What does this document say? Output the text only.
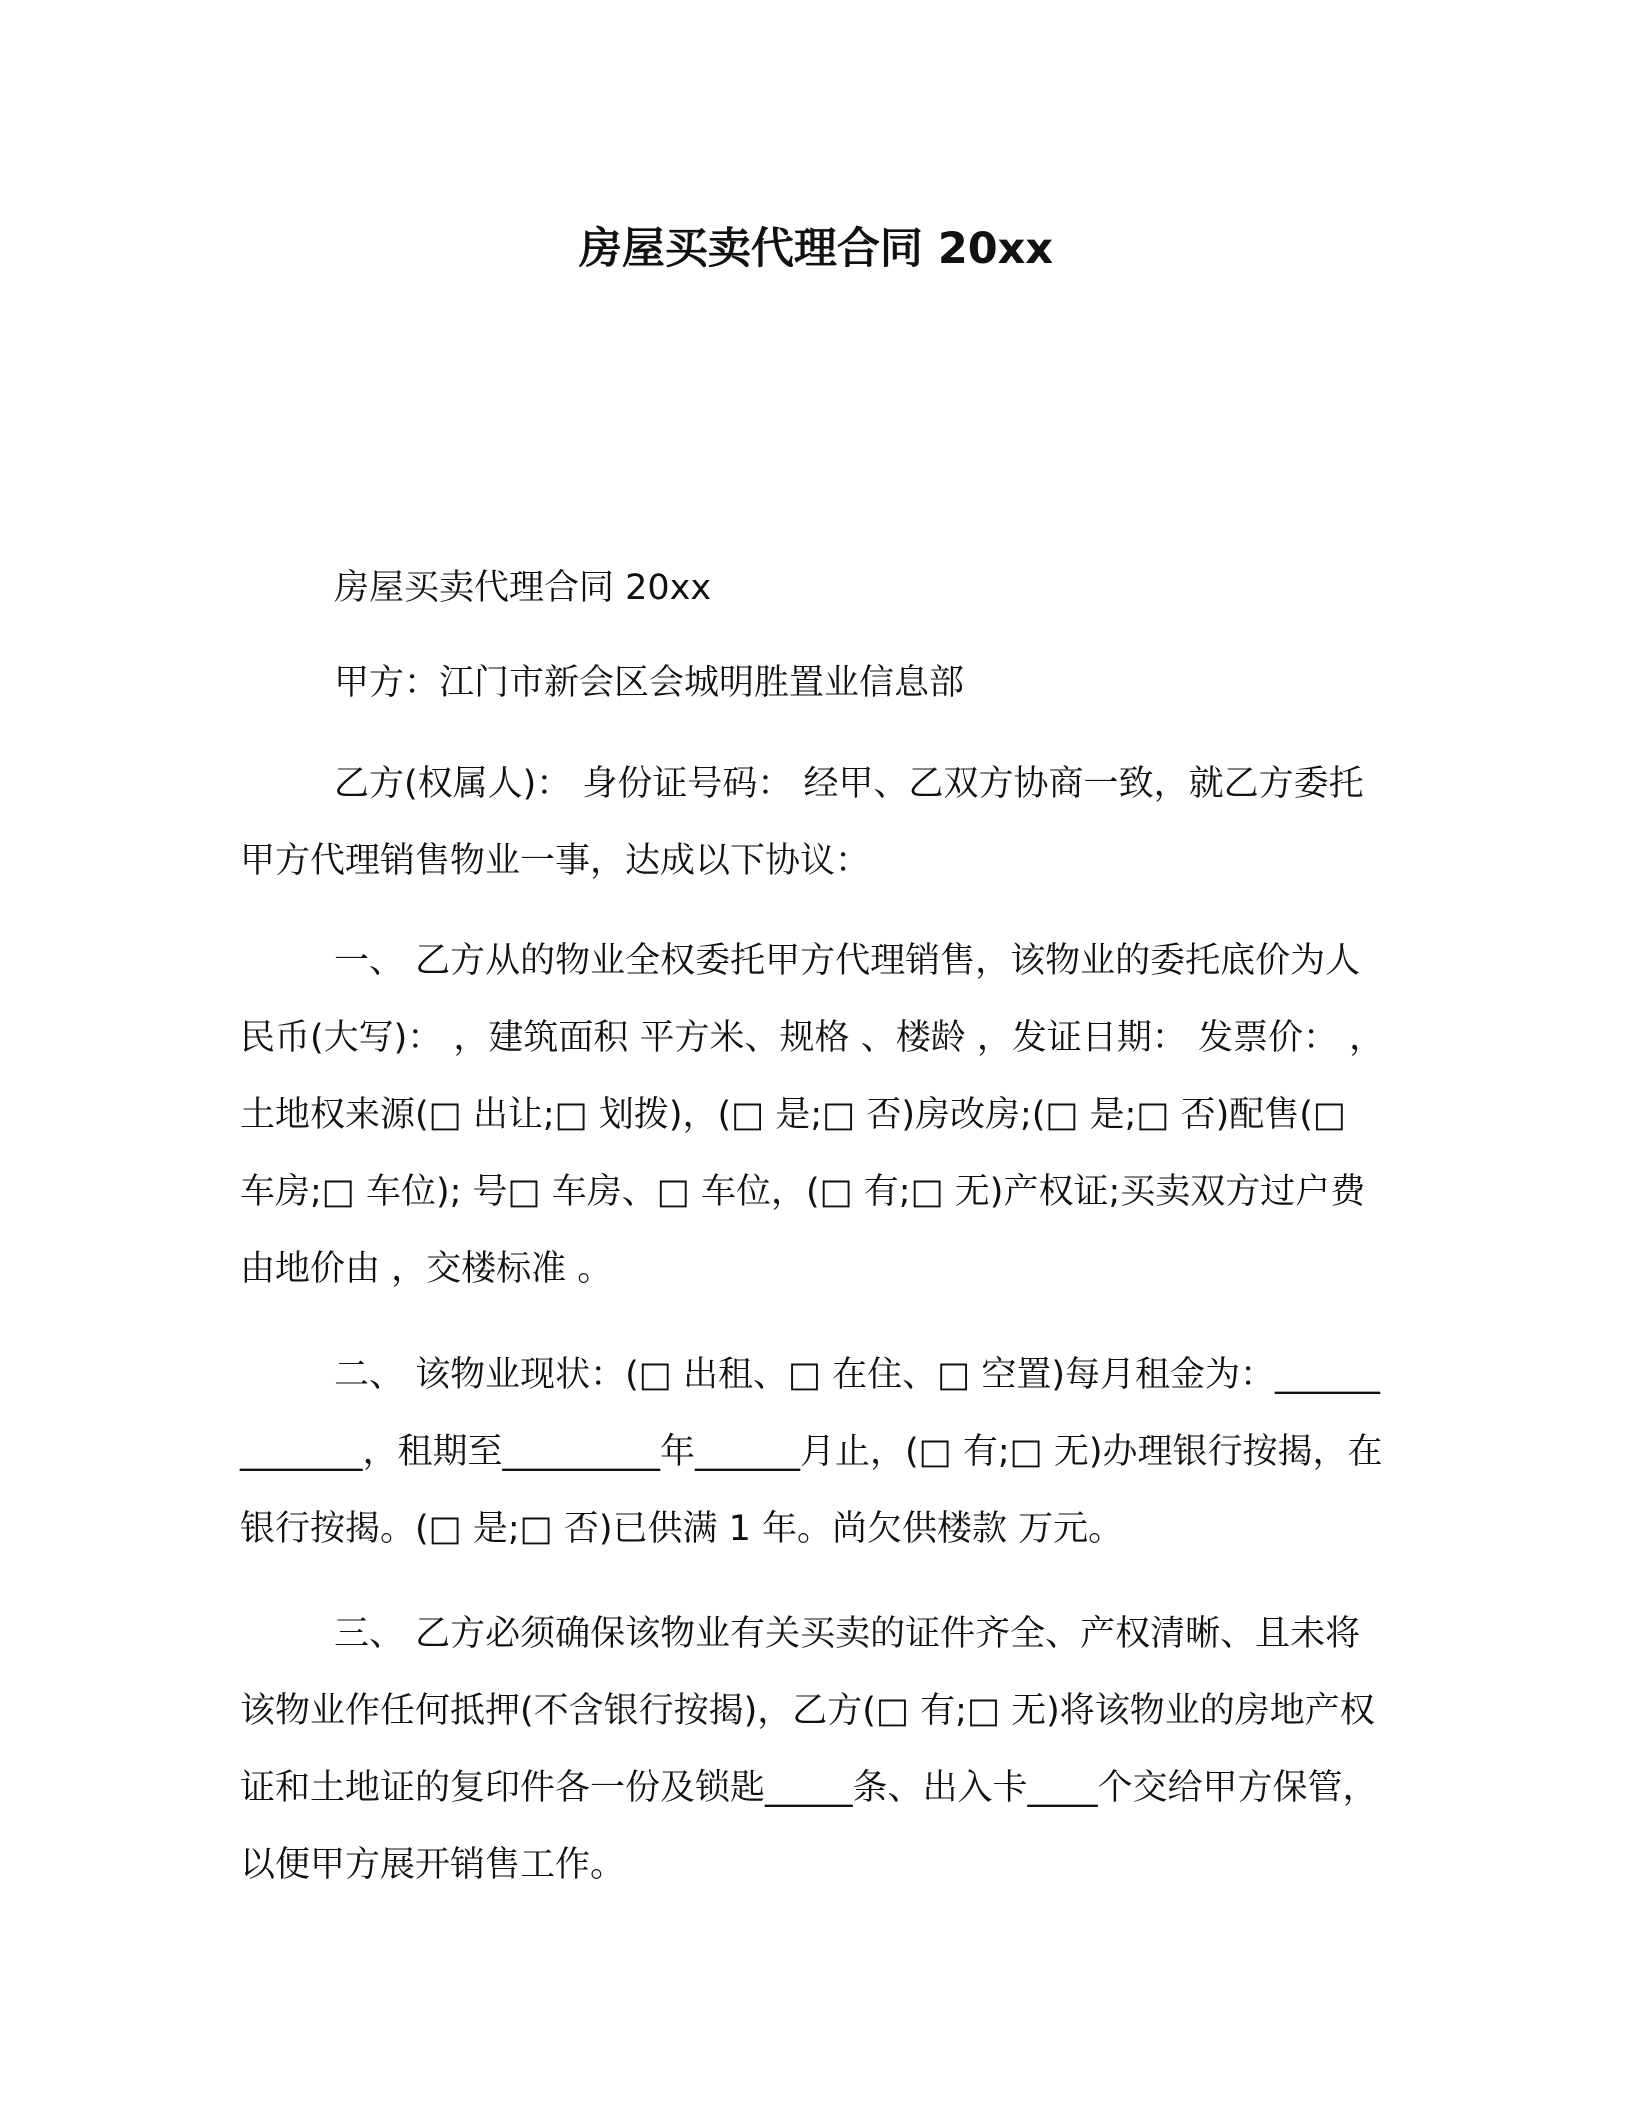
房屋买卖代理合同 20xx

房屋买卖代理合同 20xx

甲方：江门市新会区会城明胜置业信息部

乙方(权属人)： 身份证号码： 经甲、乙双方协商一致，就乙方委托甲方代理销售物业一事，达成以下协议：

一、 乙方从的物业全权委托甲方代理销售，该物业的委托底价为人民币(大写)： ，建筑面积 平方米、规格 、楼龄 ，发证日期： 发票价： ，土地权来源(□ 出让;□ 划拨)，(□ 是;□ 否)房改房;(□ 是;□ 否)配售(□ 车房;□ 车位); 号□ 车房、□ 车位，(□ 有;□ 无)产权证;买卖双方过户费由地价由 ，交楼标准 。

二、 该物业现状：(□ 出租、□ 在住、□ 空置)每月租金为：_____________，租期至_________年______月止，(□ 有;□ 无)办理银行按揭，在 银行按揭。(□ 是;□ 否)已供满 1 年。尚欠供楼款 万元。

三、 乙方必须确保该物业有关买卖的证件齐全、产权清晰、且未将该物业作任何抵押(不含银行按揭)，乙方(□ 有;□ 无)将该物业的房地产权证和土地证的复印件各一份及锁匙_____条、出入卡____个交给甲方保管，以便甲方展开销售工作。
